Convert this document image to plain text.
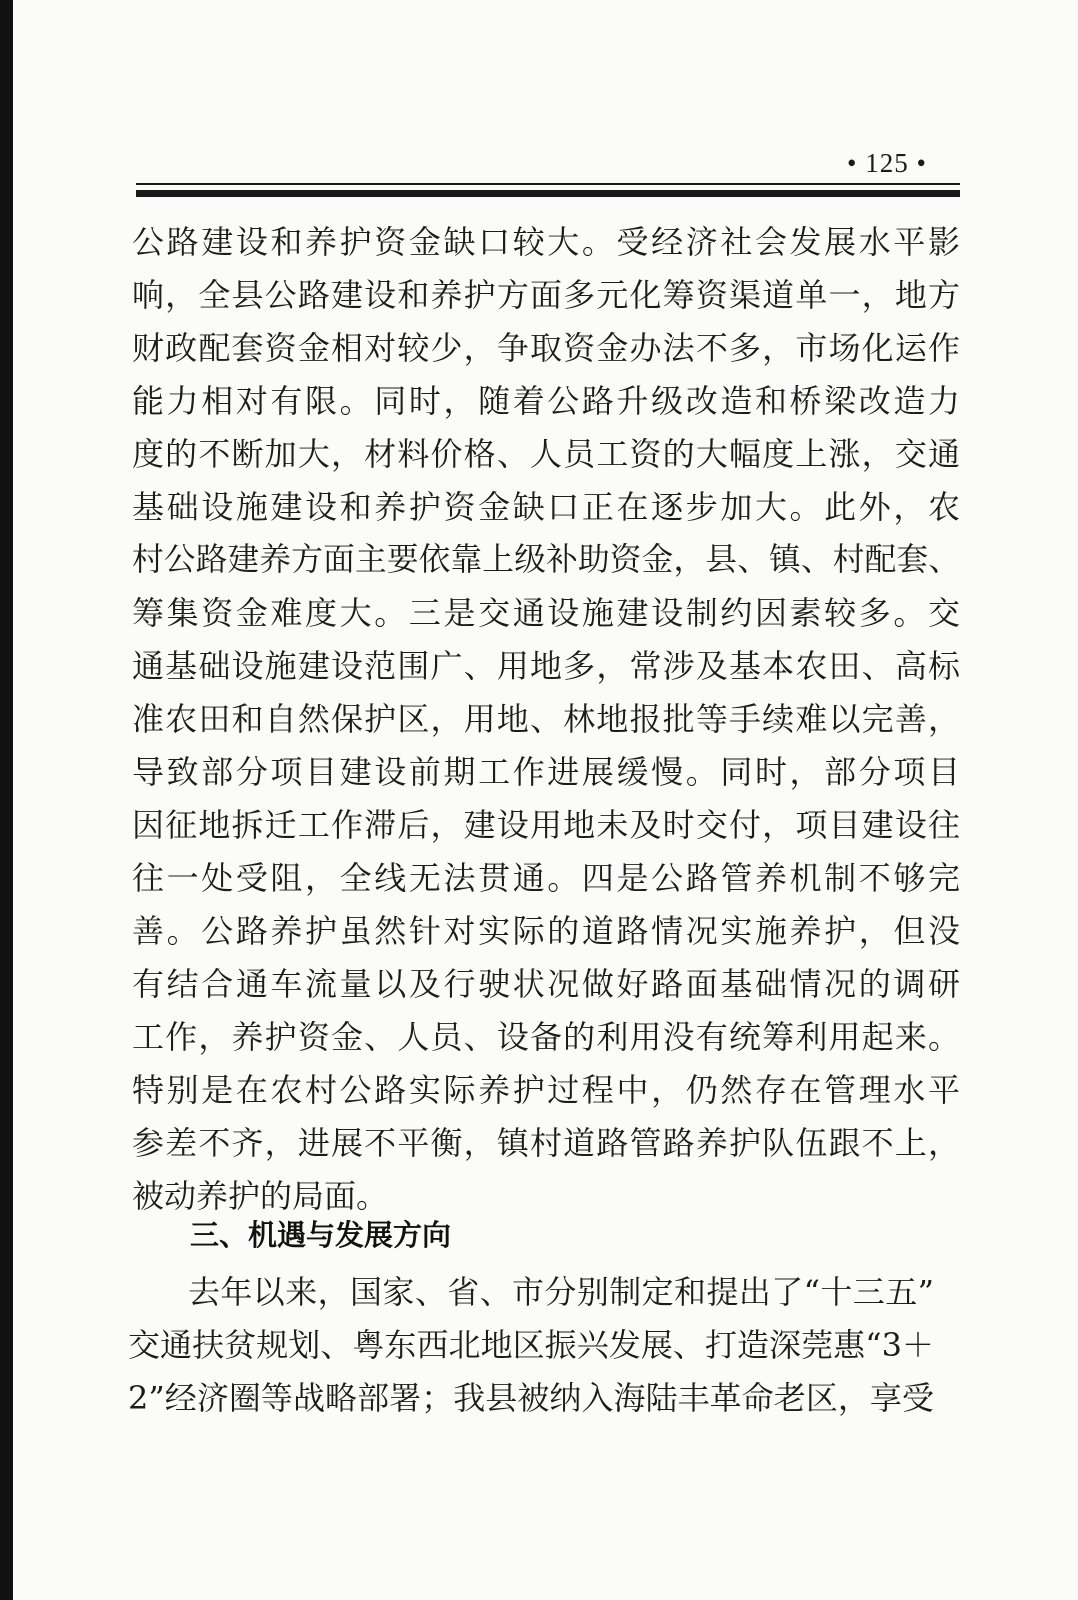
• 125 •
公路建设和养护资金缺口较大。受经济社会发展水平影
响，全县公路建设和养护方面多元化筹资渠道单一，地方
财政配套资金相对较少，争取资金办法不多，市场化运作
能力相对有限。同时，随着公路升级改造和桥梁改造力
度的不断加大，材料价格、人员工资的大幅度上涨，交通
基础设施建设和养护资金缺口正在逐步加大。此外，农
村公路建养方面主要依靠上级补助资金，县、镇、村配套、
筹集资金难度大。三是交通设施建设制约因素较多。交
通基础设施建设范围广、用地多，常涉及基本农田、高标
准农田和自然保护区，用地、林地报批等手续难以完善，
导致部分项目建设前期工作进展缓慢。同时，部分项目
因征地拆迁工作滞后，建设用地未及时交付，项目建设往
往一处受阻，全线无法贯通。四是公路管养机制不够完
善。公路养护虽然针对实际的道路情况实施养护，但没
有结合通车流量以及行驶状况做好路面基础情况的调研
工作，养护资金、人员、设备的利用没有统筹利用起来。
特别是在农村公路实际养护过程中，仍然存在管理水平
参差不齐，进展不平衡，镇村道路管路养护队伍跟不上，
被动养护的局面。
三、机遇与发展方向
去年以来，国家、省、市分别制定和提出了“十三五”
交通扶贫规划、粤东西北地区振兴发展、打造深莞惠“3＋
2”经济圈等战略部署；我县被纳入海陆丰革命老区，享受
